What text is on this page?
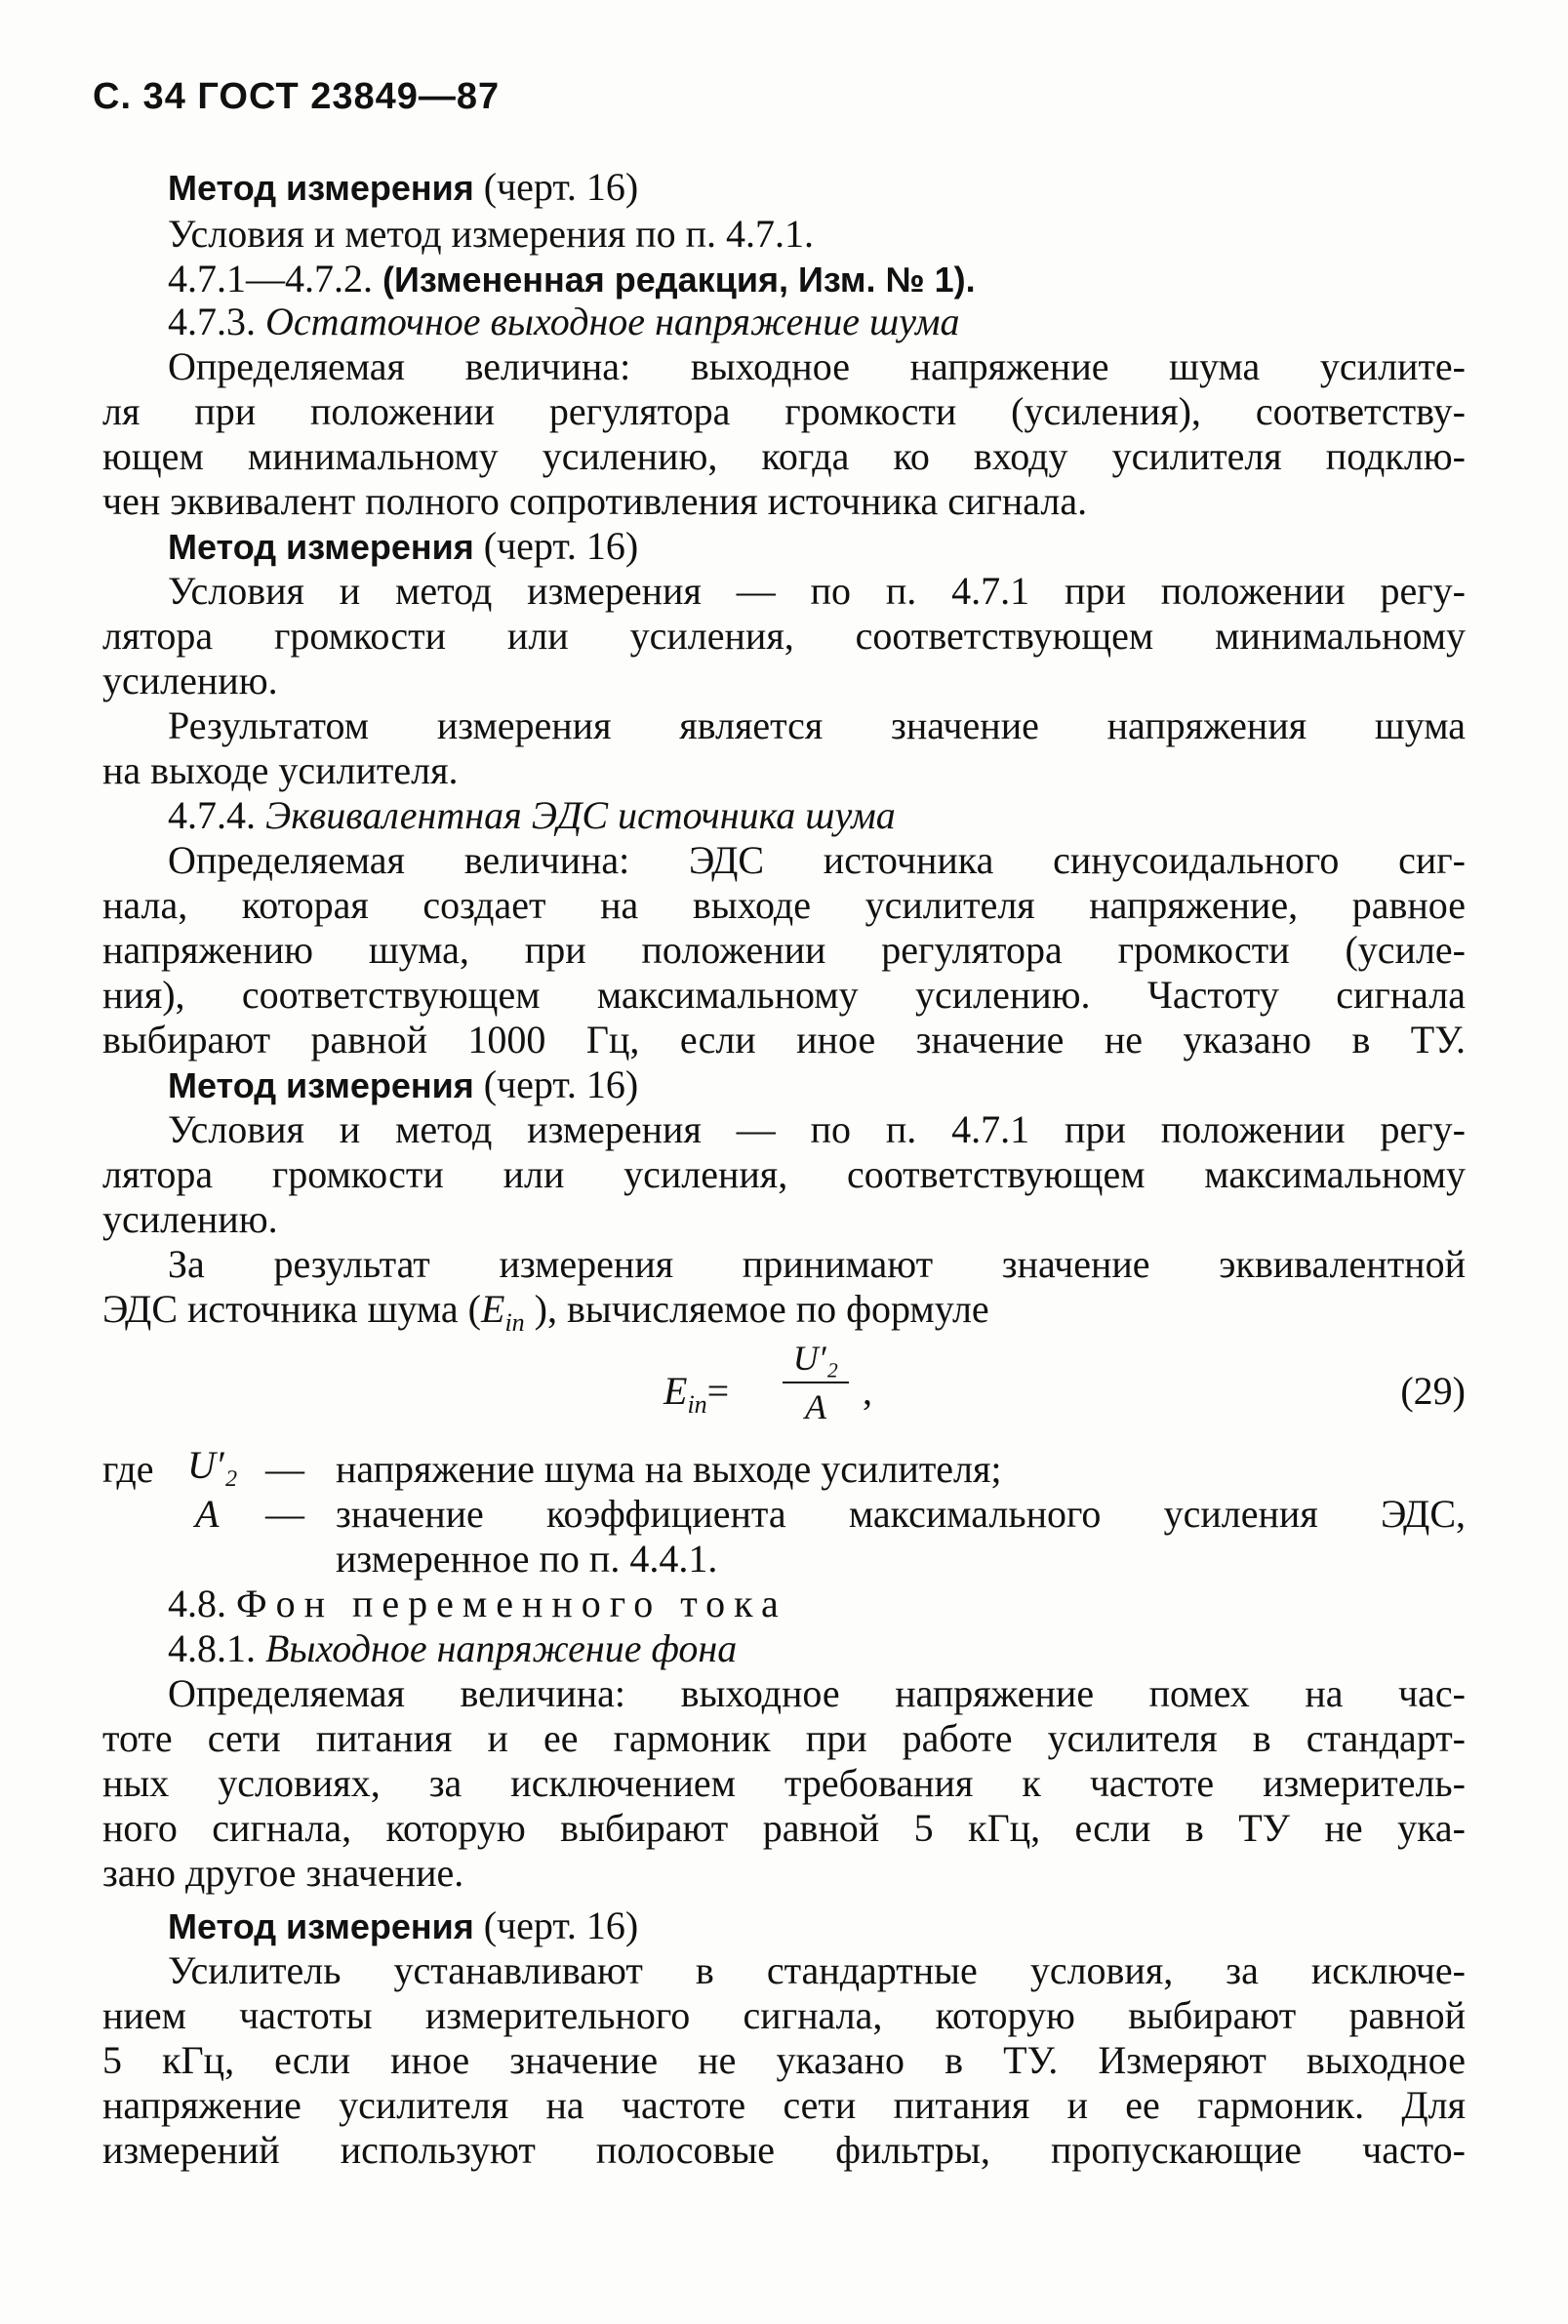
С. 34 ГОСТ 23849—87
Метод измерения (черт. 16)
Условия и метод измерения по п. 4.7.1.
4.7.1—4.7.2. (Измененная редакция, Изм. № 1).
4.7.3. Остаточное выходное напряжение шума
Определяемая величина: выходное напряжение шума усилите-
ля при положении регулятора громкости (усиления), соответству-
ющем минимальному усилению, когда ко входу усилителя подклю-
чен эквивалент полного сопротивления источника сигнала.
Метод измерения (черт. 16)
Условия и метод измерения — по п. 4.7.1 при положении регу-
лятора громкости или усиления, соответствующем минимальному
усилению.
Результатом измерения является значение напряжения шума
на выходе усилителя.
4.7.4. Эквивалентная ЭДС источника шума
Определяемая величина: ЭДС источника синусоидального сиг-
нала, которая создает на выходе усилителя напряжение, равное
напряжению шума, при положении регулятора громкости (усиле-
ния), соответствующем максимальному усилению. Частоту сигнала
выбирают равной 1000 Гц, если иное значение не указано в ТУ.
Метод измерения (черт. 16)
Условия и метод измерения — по п. 4.7.1 при положении регу-
лятора громкости или усиления, соответствующем максимальному
усилению.
За результат измерения принимают значение эквивалентной
ЭДС источника шума ($E_{in}$ ), вычисляемое по формуле
$E_{in}=$
U′₂
A ,	(29)
где U′₂ — напряжение шума на выходе усилителя;
A — значение коэффициента максимального усиления ЭДС,
измеренное по п. 4.4.1.
4.8. Фон переменного тока
4.8.1. Выходное напряжение фона
Определяемая величина: выходное напряжение помех на час-
тоте сети питания и ее гармоник при работе усилителя в стандарт-
ных условиях, за исключением требования к частоте измеритель-
ного сигнала, которую выбирают равной 5 кГц, если в ТУ не ука-
зано другое значение.
Метод измерения (черт. 16)
Усилитель устанавливают в стандартные условия, за исключе-
нием частоты измерительного сигнала, которую выбирают равной
5 кГц, если иное значение не указано в ТУ. Измеряют выходное
напряжение усилителя на частоте сети питания и ее гармоник. Для
измерений используют полосовые фильтры, пропускающие часто-
